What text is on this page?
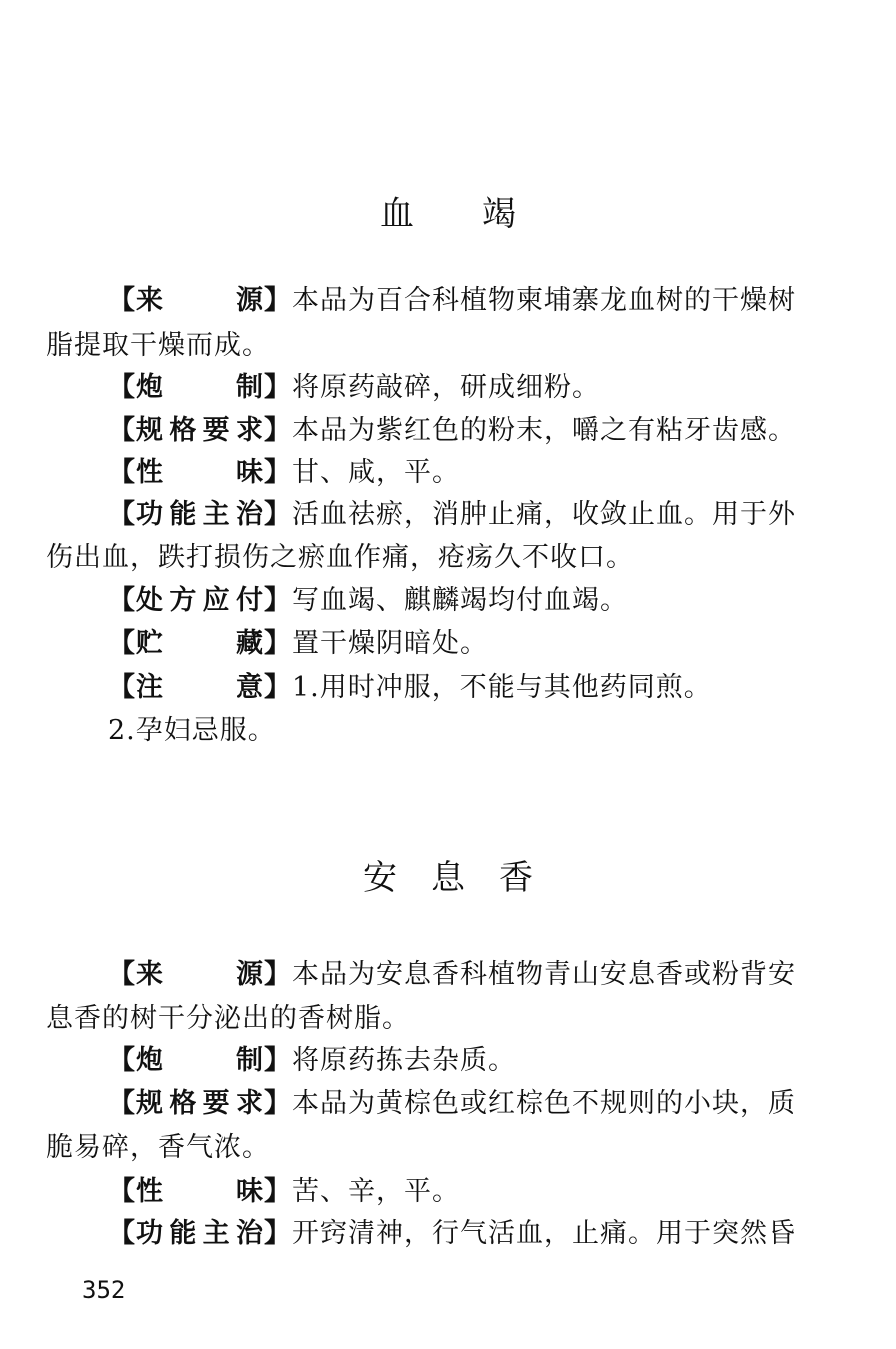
血　　竭
【来　　源】本品为百合科植物柬埔寨龙血树的干燥树
脂提取干燥而成。
【炮　　制】将原药敲碎，研成细粉。
【规格要求】本品为紫红色的粉末，嚼之有粘牙齿感。
【性　　味】甘、咸，平。
【功能主治】活血祛瘀，消肿止痛，收敛止血。用于外
伤出血，跌打损伤之瘀血作痛，疮疡久不收口。
【处方应付】写血竭、麒麟竭均付血竭。
【贮　　藏】置干燥阴暗处。
【注　　意】1.用时冲服，不能与其他药同煎。
2.孕妇忌服。
安　息　香
【来　　源】本品为安息香科植物青山安息香或粉背安
息香的树干分泌出的香树脂。
【炮　　制】将原药拣去杂质。
【规格要求】本品为黄棕色或红棕色不规则的小块，质
脆易碎，香气浓。
【性　　味】苦、辛，平。
【功能主治】开窍清神，行气活血，止痛。用于突然昏
352
